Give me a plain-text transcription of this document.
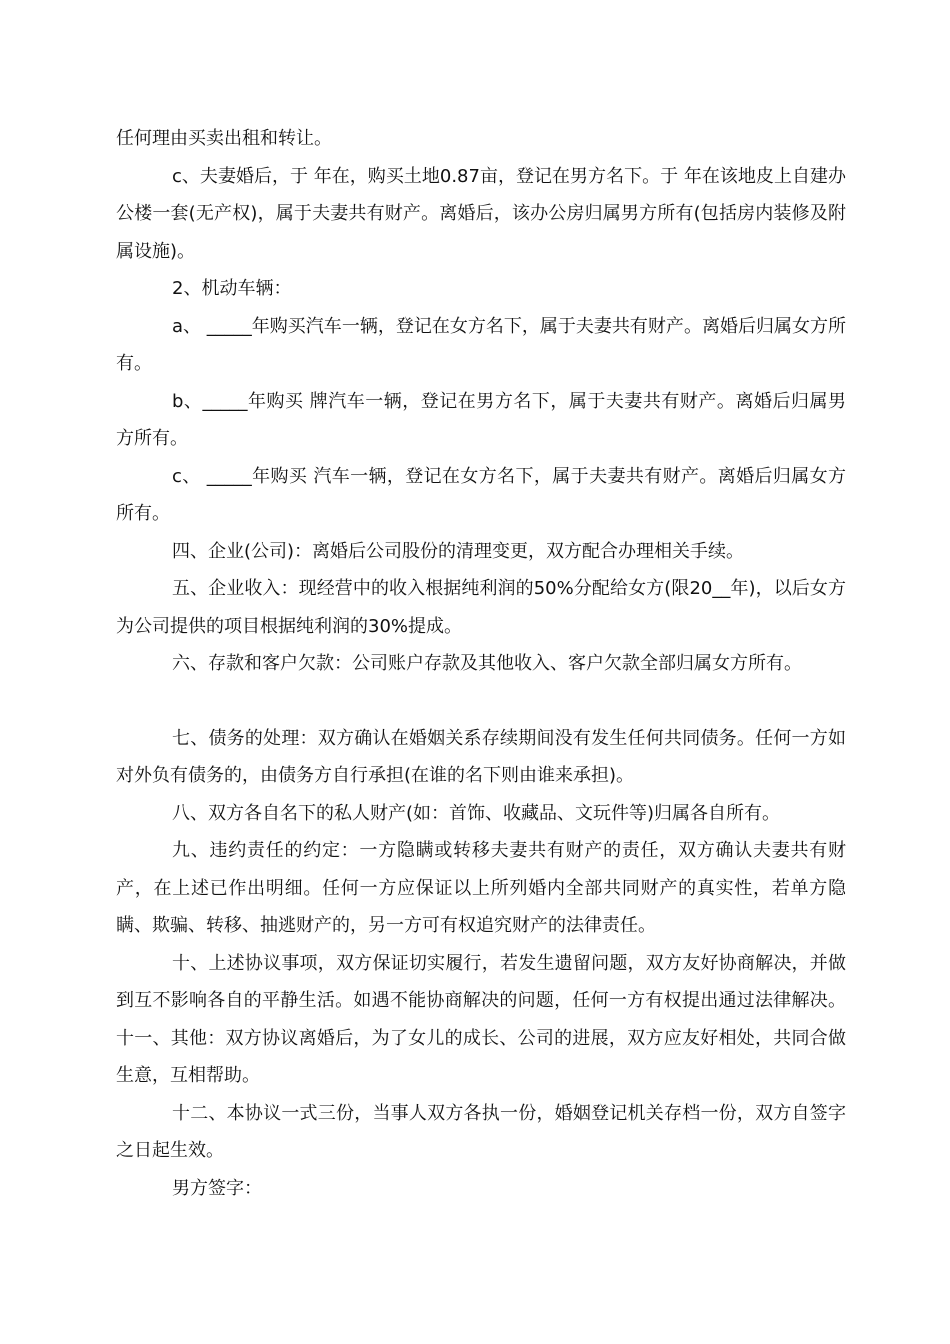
任何理由买卖出租和转让。

c、夫妻婚后，于 年在，购买土地0.87亩，登记在男方名下。于 年在该地皮上自建办公楼一套(无产权)，属于夫妻共有财产。离婚后，该办公房归属男方所有(包括房内装修及附属设施)。

2、机动车辆：

a、 _____年购买汽车一辆，登记在女方名下，属于夫妻共有财产。离婚后归属女方所有。

b、_____年购买 牌汽车一辆，登记在男方名下，属于夫妻共有财产。离婚后归属男方所有。

c、 _____年购买 汽车一辆，登记在女方名下，属于夫妻共有财产。离婚后归属女方所有。

四、企业(公司)：离婚后公司股份的清理变更，双方配合办理相关手续。

五、企业收入：现经营中的收入根据纯利润的50%分配给女方(限20__年)，以后女方为公司提供的项目根据纯利润的30%提成。

六、存款和客户欠款：公司账户存款及其他收入、客户欠款全部归属女方所有。

七、债务的处理：双方确认在婚姻关系存续期间没有发生任何共同债务。任何一方如对外负有债务的，由债务方自行承担(在谁的名下则由谁来承担)。

八、双方各自名下的私人财产(如：首饰、收藏品、文玩件等)归属各自所有。

九、违约责任的约定：一方隐瞒或转移夫妻共有财产的责任，双方确认夫妻共有财产，在上述已作出明细。任何一方应保证以上所列婚内全部共同财产的真实性，若单方隐瞒、欺骗、转移、抽逃财产的，另一方可有权追究财产的法律责任。

十、上述协议事项，双方保证切实履行，若发生遗留问题，双方友好协商解决，并做到互不影响各自的平静生活。如遇不能协商解决的问题，任何一方有权提出通过法律解决。十一、其他：双方协议离婚后，为了女儿的成长、公司的进展，双方应友好相处，共同合做生意，互相帮助。

十二、本协议一式三份，当事人双方各执一份，婚姻登记机关存档一份，双方自签字之日起生效。

男方签字：
